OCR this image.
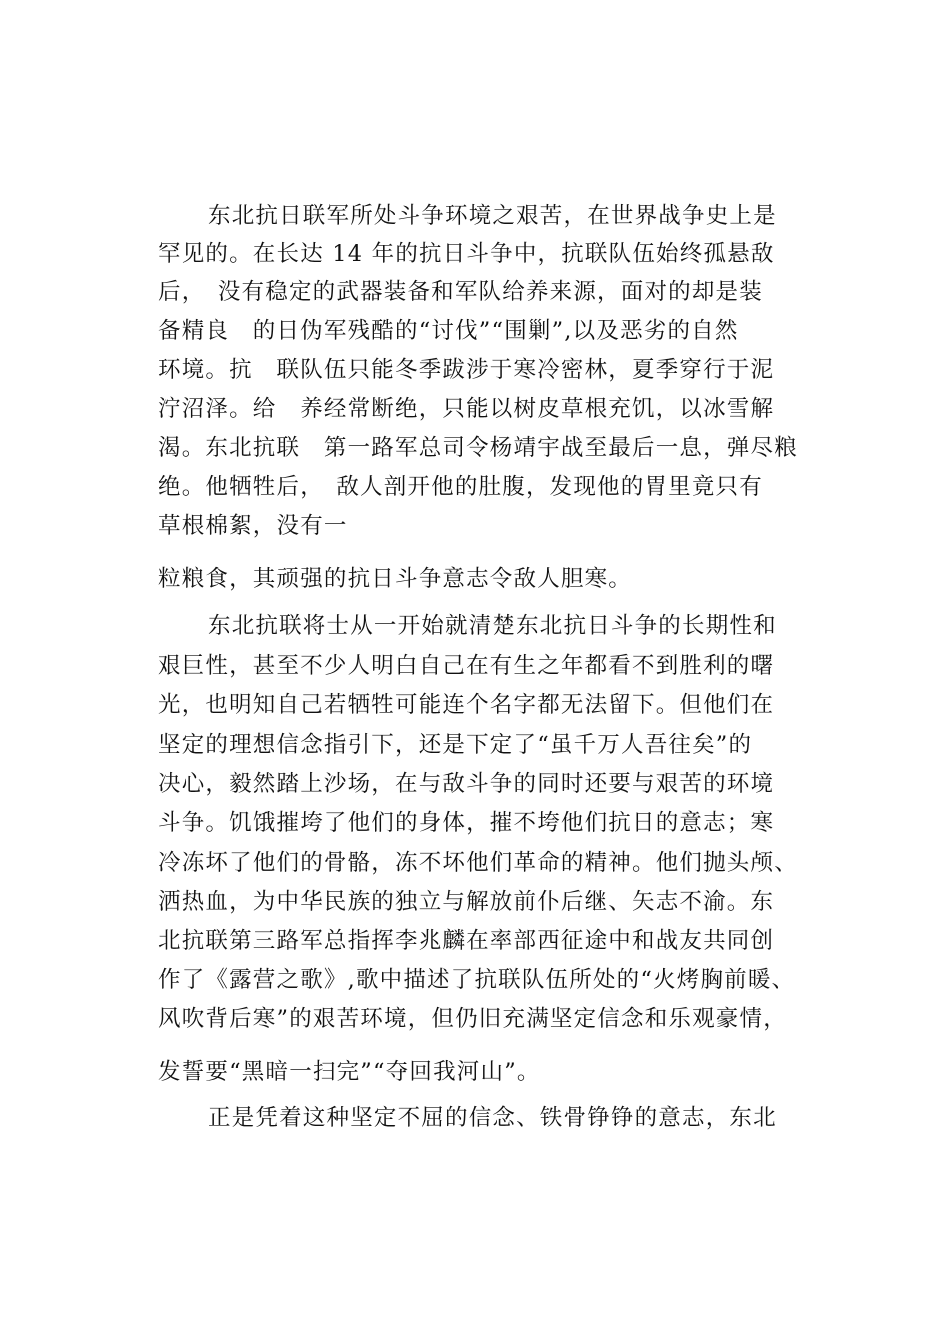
东北抗日联军所处斗争环境之艰苦，在世界战争史上是
罕见的。在长达 14 年的抗日斗争中，抗联队伍始终孤悬敌
后，　没有稳定的武器装备和军队给养来源，面对的却是装
备精良　的日伪军残酷的“讨伐”“围剿”,以及恶劣的自然
环境。抗　联队伍只能冬季跋涉于寒冷密林，夏季穿行于泥
泞沼泽。给　养经常断绝，只能以树皮草根充饥，以冰雪解
渴。东北抗联　第一路军总司令杨靖宇战至最后一息，弹尽粮
绝。他牺牲后，　敌人剖开他的肚腹，发现他的胃里竟只有
草根棉絮，没有一
粒粮食，其顽强的抗日斗争意志令敌人胆寒。
东北抗联将士从一开始就清楚东北抗日斗争的长期性和
艰巨性，甚至不少人明白自己在有生之年都看不到胜利的曙
光，也明知自己若牺牲可能连个名字都无法留下。但他们在
坚定的理想信念指引下，还是下定了“虽千万人吾往矣”的
决心，毅然踏上沙场，在与敌斗争的同时还要与艰苦的环境
斗争。饥饿摧垮了他们的身体，摧不垮他们抗日的意志；寒
冷冻坏了他们的骨骼，冻不坏他们革命的精神。他们抛头颅、
洒热血，为中华民族的独立与解放前仆后继、矢志不渝。东
北抗联第三路军总指挥李兆麟在率部西征途中和战友共同创
作了《露营之歌》,歌中描述了抗联队伍所处的“火烤胸前暖、
风吹背后寒”的艰苦环境，但仍旧充满坚定信念和乐观豪情，
发誓要“黑暗一扫完”“夺回我河山”。
正是凭着这种坚定不屈的信念、铁骨铮铮的意志，东北
